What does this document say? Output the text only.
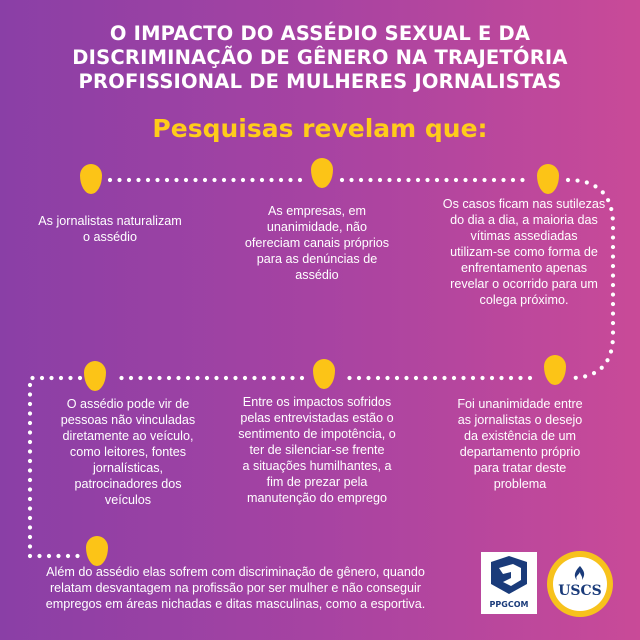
O IMPACTO DO ASSÉDIO SEXUAL E DA
DISCRIMINAÇÃO DE GÊNERO NA TRAJETÓRIA
PROFISSIONAL DE MULHERES JORNALISTAS
Pesquisas revelam que:
As jornalistas naturalizam
o assédio
As empresas, em
unanimidade, não
ofereciam canais próprios
para as denúncias de
assédio
Os casos ficam nas sutilezas
do dia a dia, a maioria das
vítimas assediadas
utilizam-se como forma de
enfrentamento apenas
revelar o ocorrido para um
colega próximo.
Foi unanimidade entre
as jornalistas o desejo
da existência de um
departamento próprio
para tratar deste
problema
Entre os impactos sofridos
pelas entrevistadas estão o
sentimento de impotência, o
ter de silenciar-se frente
a situações humilhantes, a
fim de prezar pela
manutenção do emprego
O assédio pode vir de
pessoas não vinculadas
diretamente ao veículo,
como leitores, fontes
jornalísticas,
patrocinadores dos
veículos
Além do assédio elas sofrem com discriminação de gênero, quando
relatam desvantagem na profissão por ser mulher e não conseguir
empregos em áreas nichadas e ditas masculinas, como a esportiva.	PPGCOM
USCS
